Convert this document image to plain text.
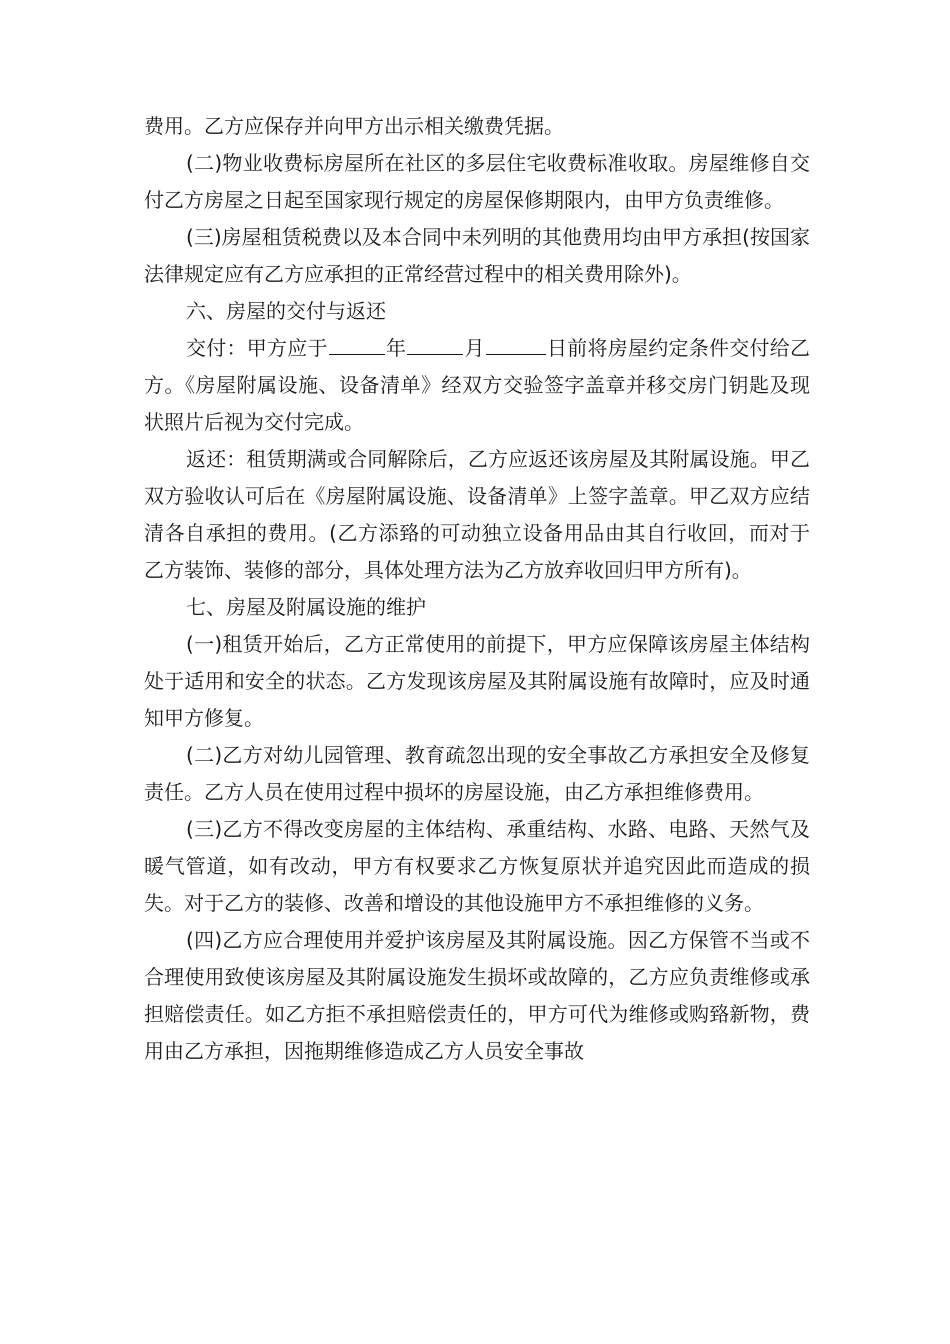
费用。乙方应保存并向甲方出示相关缴费凭据。

(二)物业收费标房屋所在社区的多层住宅收费标准收取。房屋维修自交付乙方房屋之日起至国家现行规定的房屋保修期限内，由甲方负责维修。

(三)房屋租赁税费以及本合同中未列明的其他费用均由甲方承担(按国家法律规定应有乙方应承担的正常经营过程中的相关费用除外)。

六、房屋的交付与返还

交付：甲方应于	年	月	日前将房屋约定条件交付给乙方。《房屋附属设施、设备清单》经双方交验签字盖章并移交房门钥匙及现状照片后视为交付完成。

返还：租赁期满或合同解除后，乙方应返还该房屋及其附属设施。甲乙双方验收认可后在《房屋附属设施、设备清单》上签字盖章。甲乙双方应结清各自承担的费用。(乙方添臵的可动独立设备用品由其自行收回，而对于乙方装饰、装修的部分，具体处理方法为乙方放弃收回归甲方所有)。

七、房屋及附属设施的维护

(一)租赁开始后，乙方正常使用的前提下，甲方应保障该房屋主体结构处于适用和安全的状态。乙方发现该房屋及其附属设施有故障时，应及时通知甲方修复。

(二)乙方对幼儿园管理、教育疏忽出现的安全事故乙方承担安全及修复责任。乙方人员在使用过程中损坏的房屋设施，由乙方承担维修费用。

(三)乙方不得改变房屋的主体结构、承重结构、水路、电路、天然气及暖气管道，如有改动，甲方有权要求乙方恢复原状并追究因此而造成的损失。对于乙方的装修、改善和增设的其他设施甲方不承担维修的义务。

(四)乙方应合理使用并爱护该房屋及其附属设施。因乙方保管不当或不合理使用致使该房屋及其附属设施发生损坏或故障的，乙方应负责维修或承担赔偿责任。如乙方拒不承担赔偿责任的，甲方可代为维修或购臵新物，费用由乙方承担，因拖期维修造成乙方人员安全事故
